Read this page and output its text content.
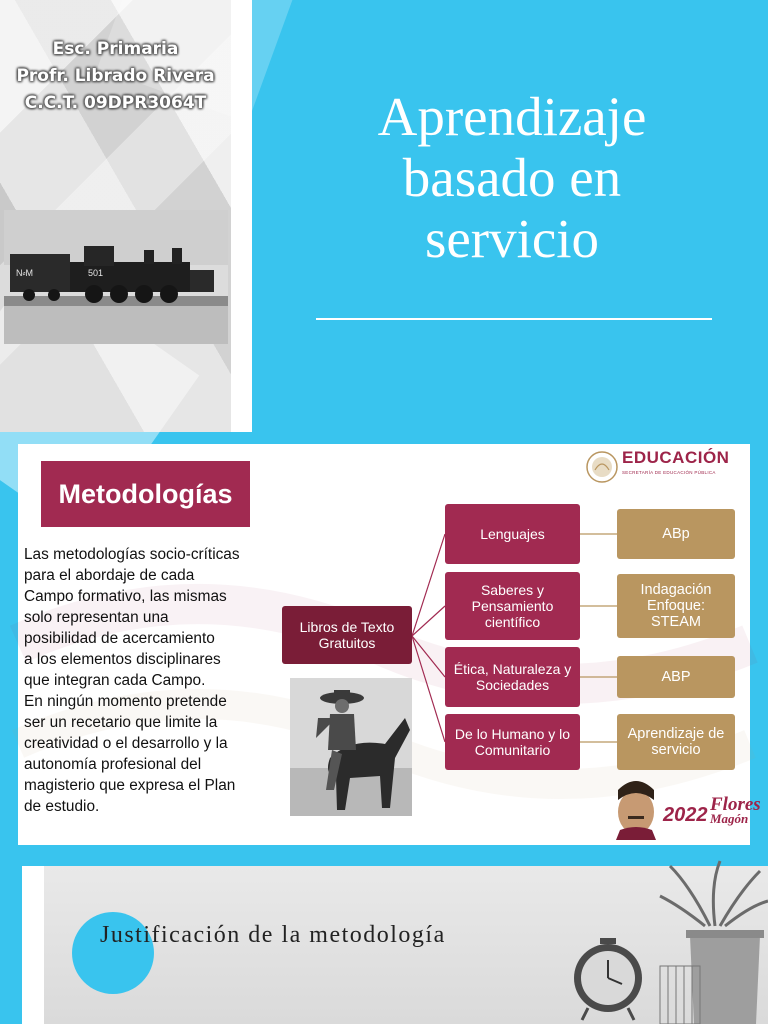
Esc. Primaria
Profr. Librado Rivera
C.C.T. 09DPR3064T
N⸗M	501
Aprendizaje
basado en
servicio
Metodologías

Las metodologías socio-críticas

para el abordaje de cada

Campo formativo, las mismas

solo representan una

posibilidad de acercamiento

a los elementos disciplinares

que integran cada Campo.

En ningún momento pretende

ser un recetario que limite la

creatividad o el desarrollo y la

autonomía profesional del

magisterio que expresa el Plan

de estudio.

Libros de Texto Gratuitos
Lenguajes
Saberes y Pensamiento científico
Ética, Naturaleza y Sociedades
De lo Humano y lo Comunitario
ABp
Indagación Enfoque: STEAM
ABP
Aprendizaje de servicio
EDUCACIÓN
SECRETARÍA DE EDUCACIÓN PÚBLICA
2022 Flores
Magón
Justificación de la metodología
